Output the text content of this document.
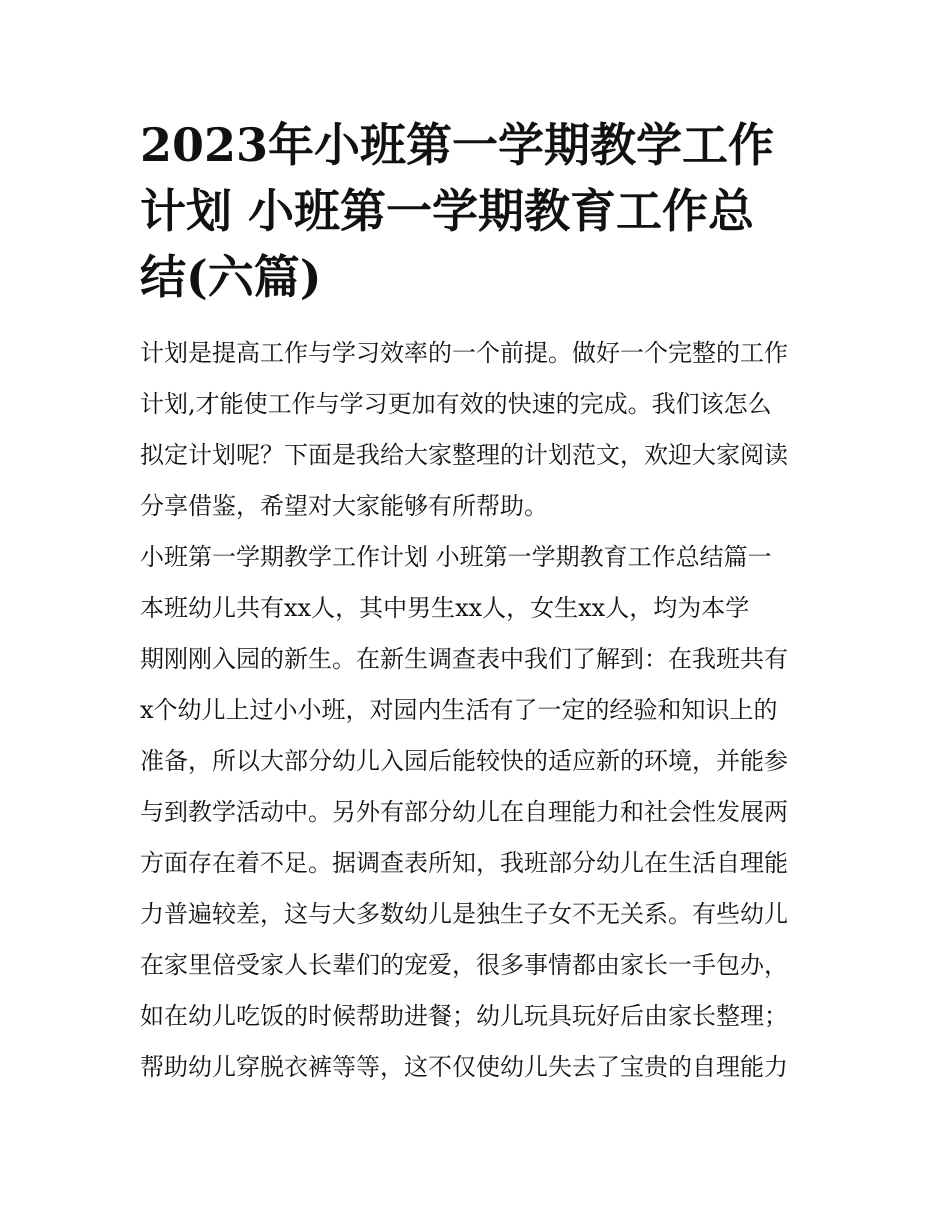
2023年小班第一学期教学工作
计划 小班第一学期教育工作总
结(六篇)
计划是提高工作与学习效率的一个前提。做好一个完整的工作
计划,才能使工作与学习更加有效的快速的完成。我们该怎么
拟定计划呢？下面是我给大家整理的计划范文，欢迎大家阅读
分享借鉴，希望对大家能够有所帮助。
小班第一学期教学工作计划 小班第一学期教育工作总结篇一
本班幼儿共有xx人，其中男生xx人，女生xx人，均为本学
期刚刚入园的新生。在新生调查表中我们了解到：在我班共有
x个幼儿上过小小班，对园内生活有了一定的经验和知识上的
准备，所以大部分幼儿入园后能较快的适应新的环境，并能参
与到教学活动中。另外有部分幼儿在自理能力和社会性发展两
方面存在着不足。据调查表所知，我班部分幼儿在生活自理能
力普遍较差，这与大多数幼儿是独生子女不无关系。有些幼儿
在家里倍受家人长辈们的宠爱，很多事情都由家长一手包办，
如在幼儿吃饭的时候帮助进餐；幼儿玩具玩好后由家长整理；
帮助幼儿穿脱衣裤等等，这不仅使幼儿失去了宝贵的自理能力
